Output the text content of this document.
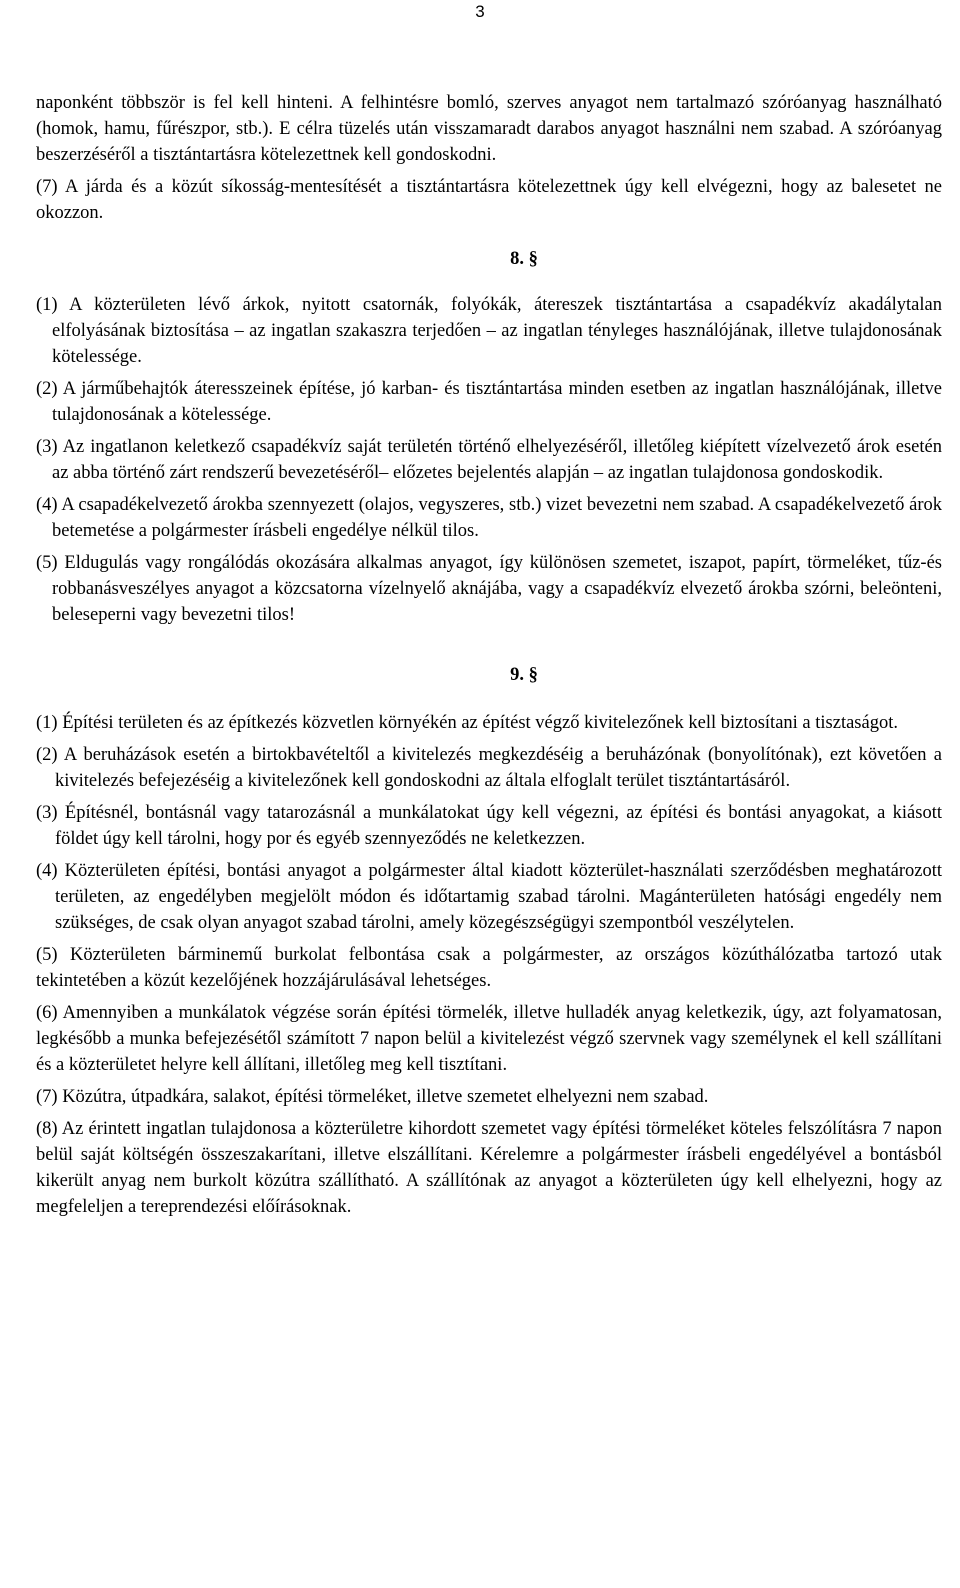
3

naponként többször is fel kell hinteni. A felhintésre bomló, szerves anyagot nem tartalmazó szóróanyag használható (homok, hamu, fűrészpor, stb.). E célra tüzelés után visszamaradt darabos anyagot használni nem szabad. A szóróanyag beszerzéséről a tisztántartásra kötelezettnek kell gondoskodni.

(7) A járda és a közút síkosság-mentesítését a tisztántartásra kötelezettnek úgy kell elvégezni, hogy az balesetet ne okozzon.

8. §

(1) A közterületen lévő árkok, nyitott csatornák, folyókák, átereszek tisztántartása a csapadékvíz akadálytalan elfolyásának biztosítása – az ingatlan szakaszra terjedően – az ingatlan tényleges használójának, illetve tulajdonosának kötelessége.

(2) A járműbehajtók áteresszeinek építése, jó karban- és tisztántartása minden esetben az ingatlan használójának, illetve tulajdonosának a kötelessége.

(3) Az ingatlanon keletkező csapadékvíz saját területén történő elhelyezéséről, illetőleg kiépített vízelvezető árok esetén az abba történő zárt rendszerű bevezetéséről– előzetes bejelentés alapján – az ingatlan tulajdonosa gondoskodik.

(4) A csapadékelvezető árokba szennyezett (olajos, vegyszeres, stb.) vizet bevezetni nem szabad. A csapadékelvezető árok betemetése a polgármester írásbeli engedélye nélkül tilos.

(5) Eldugulás vagy rongálódás okozására alkalmas anyagot, így különösen szemetet, iszapot, papírt, törmeléket, tűz-és robbanásveszélyes anyagot a közcsatorna vízelnyelő aknájába, vagy a csapadékvíz elvezető árokba szórni, beleönteni, beleseperni vagy bevezetni tilos!

9. §

(1) Építési területen és az építkezés közvetlen környékén az építést végző kivitelezőnek kell biztosítani a tisztaságot.

(2) A beruházások esetén a birtokbavételtől a kivitelezés megkezdéséig a beruházónak (bonyolítónak), ezt követően a kivitelezés befejezéséig a kivitelezőnek kell gondoskodni az általa elfoglalt terület tisztántartásáról.

(3) Építésnél, bontásnál vagy tatarozásnál a munkálatokat úgy kell végezni, az építési és bontási anyagokat, a kiásott földet úgy kell tárolni, hogy por és egyéb szennyeződés ne keletkezzen.

(4) Közterületen építési, bontási anyagot a polgármester által kiadott közterület-használati szerződésben meghatározott területen, az engedélyben megjelölt módon és időtartamig szabad tárolni. Magánterületen hatósági engedély nem szükséges, de csak olyan anyagot szabad tárolni, amely közegészségügyi szempontból veszélytelen.

(5) Közterületen bárminemű burkolat felbontása csak a polgármester, az országos közúthálózatba tartozó utak tekintetében a közút kezelőjének hozzájárulásával lehetséges.

(6) Amennyiben a munkálatok végzése során építési törmelék, illetve hulladék anyag keletkezik, úgy, azt folyamatosan, legkésőbb a munka befejezésétől számított 7 napon belül a kivitelezést végző szervnek vagy személynek el kell szállítani és a közterületet helyre kell állítani, illetőleg meg kell tisztítani.

(7) Közútra, útpadkára, salakot, építési törmeléket, illetve szemetet elhelyezni nem szabad.

(8) Az érintett ingatlan tulajdonosa a közterületre kihordott szemetet vagy építési törmeléket köteles felszólításra 7 napon belül saját költségén összeszakarítani, illetve elszállítani. Kérelemre a polgármester írásbeli engedélyével a bontásból kikerült anyag nem burkolt közútra szállítható. A szállítónak az anyagot a közterületen úgy kell elhelyezni, hogy az megfeleljen a tereprendezési előírásoknak.
